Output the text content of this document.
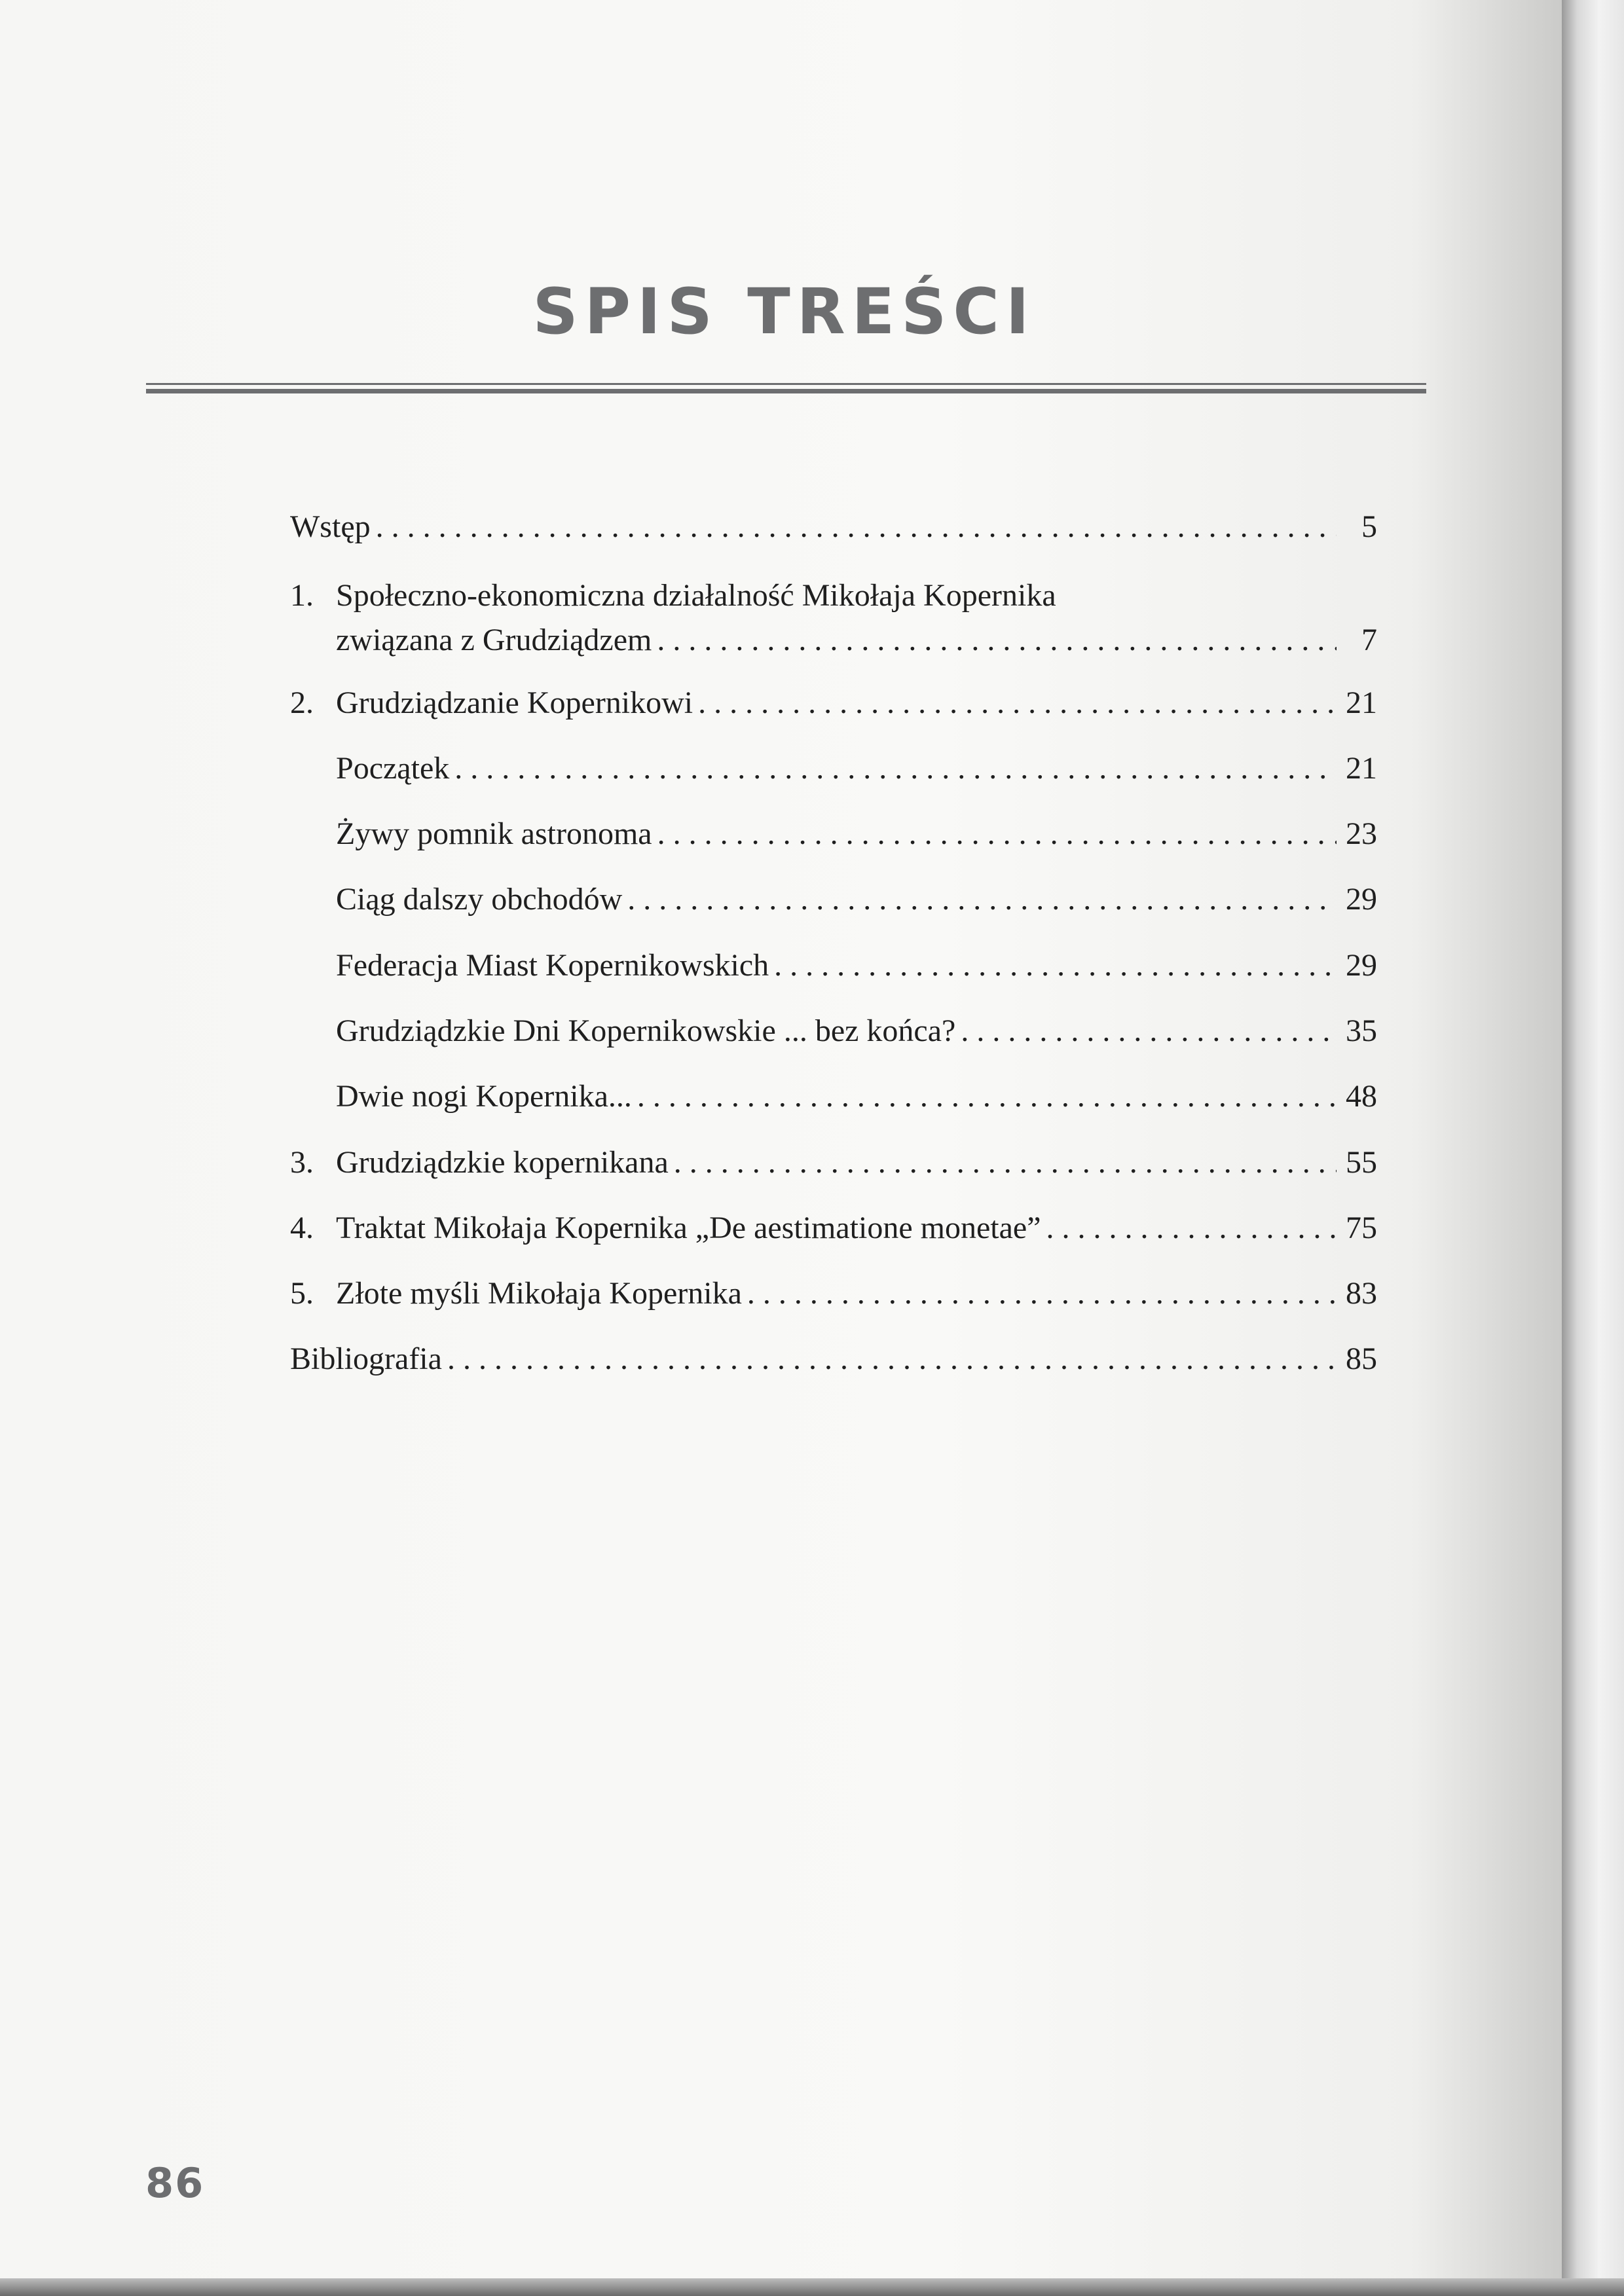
SPIS TREŚCI
Wstęp . . .	5
1. Społeczno-ekonomiczna działalność Mikołaja Kopernika
związana z Grudziądzem . . .	7
2. Grudziądzanie Kopernikowi . . .	21
Początek . . .	21
Żywy pomnik astronoma . . .	23
Ciąg dalszy obchodów . . .	29
Federacja Miast Kopernikowskich . . .	29
Grudziądzkie Dni Kopernikowskie ... bez końca? . . .	35
Dwie nogi Kopernika... . . .	48
3. Grudziądzkie kopernikana . . .	55
4. Traktat Mikołaja Kopernika „De aestimatione monetae” . . .	75
5. Złote myśli Mikołaja Kopernika . . .	83
Bibliografia . . .	85
86
